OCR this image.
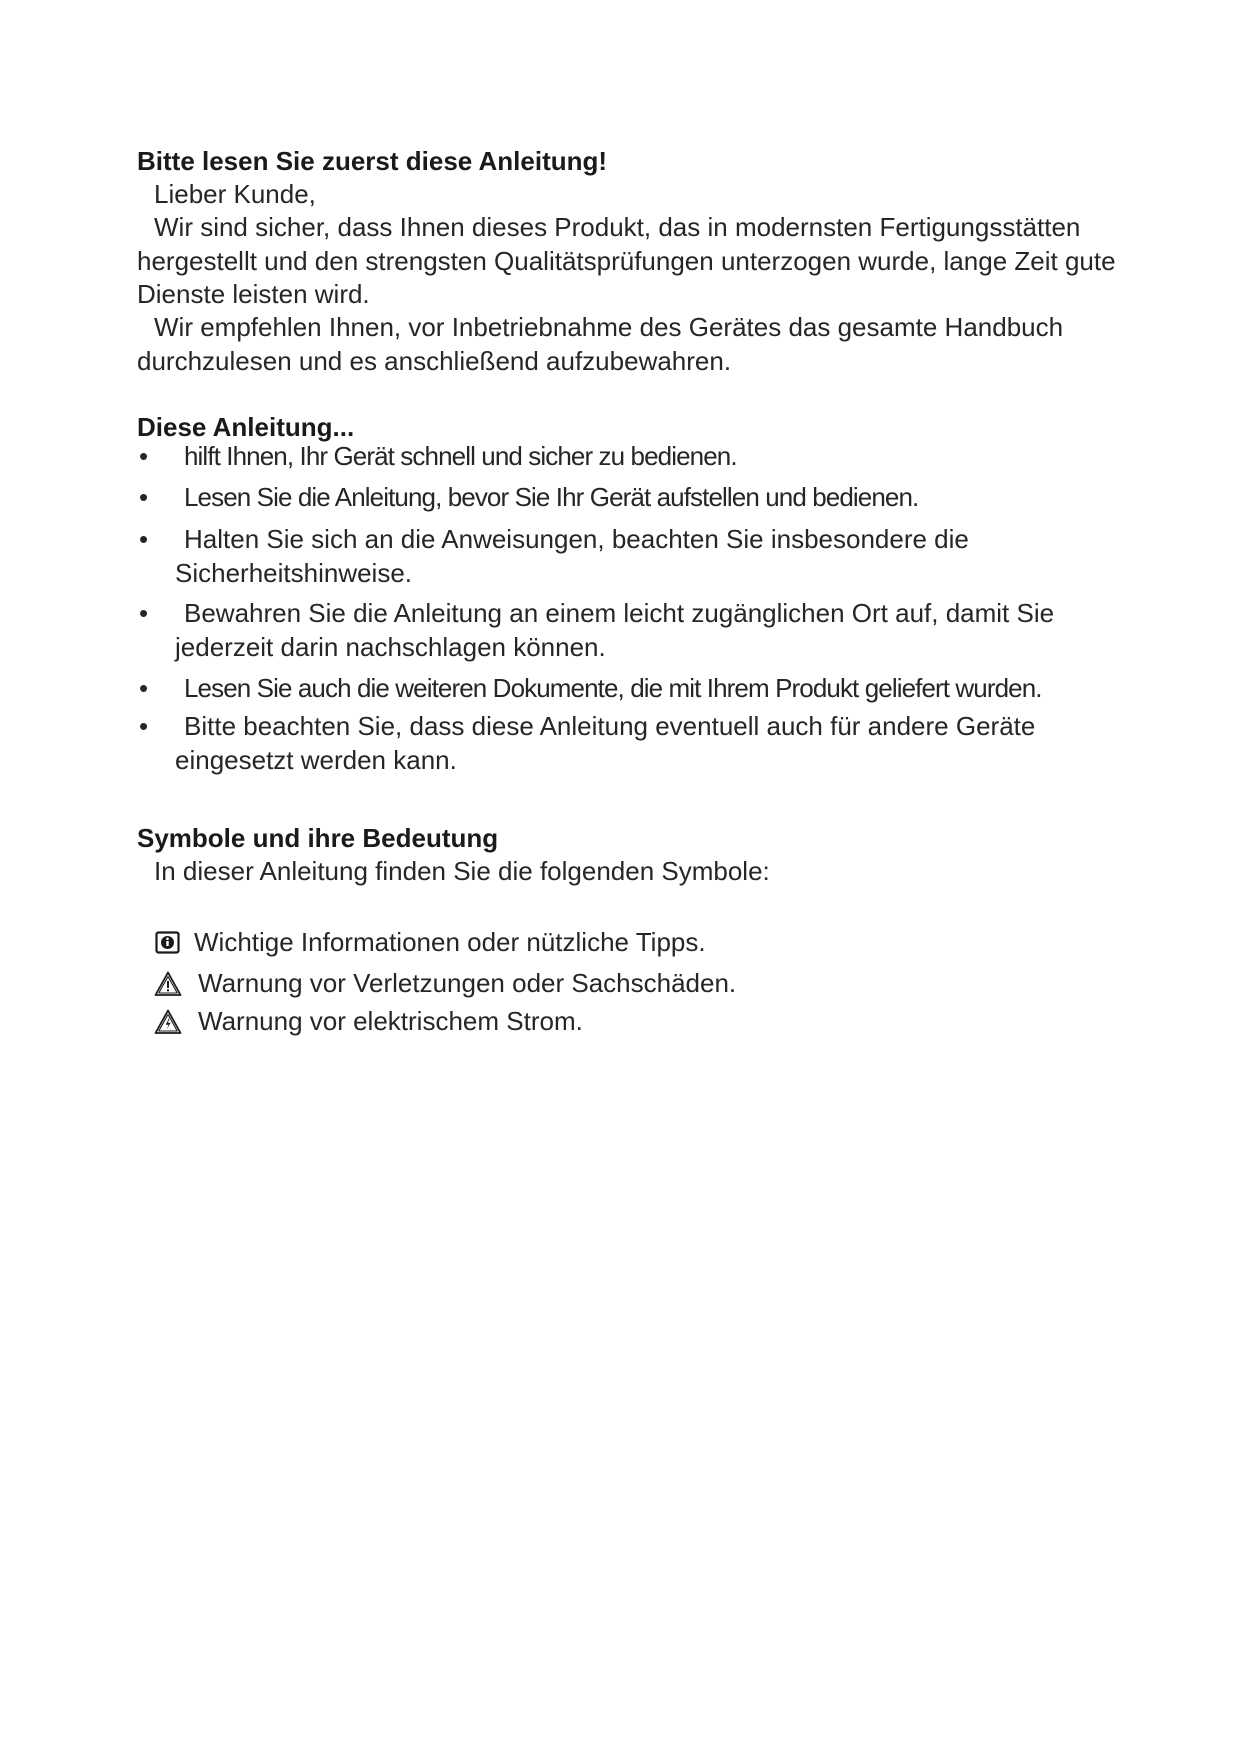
Bitte lesen Sie zuerst diese Anleitung!
Lieber Kunde,
Wir sind sicher, dass Ihnen dieses Produkt, das in modernsten Fertigungsstätten hergestellt und den strengsten Qualitätsprüfungen unterzogen wurde, lange Zeit gute Dienste leisten wird.
Wir empfehlen Ihnen, vor Inbetriebnahme des Gerätes das gesamte Handbuch durchzulesen und es anschließend aufzubewahren.
Diese Anleitung...
• hilft Ihnen, Ihr Gerät schnell und sicher zu bedienen.
• Lesen Sie die Anleitung, bevor Sie Ihr Gerät aufstellen und bedienen.
• Halten Sie sich an die Anweisungen, beachten Sie insbesondere die Sicherheitshinweise.
• Bewahren Sie die Anleitung an einem leicht zugänglichen Ort auf, damit Sie jederzeit darin nachschlagen können.
• Lesen Sie auch die weiteren Dokumente, die mit Ihrem Produkt geliefert wurden.
• Bitte beachten Sie, dass diese Anleitung eventuell auch für andere Geräte eingesetzt werden kann.
Symbole und ihre Bedeutung
In dieser Anleitung finden Sie die folgenden Symbole:
Wichtige Informationen oder nützliche Tipps.
Warnung vor Verletzungen oder Sachschäden.
Warnung vor elektrischem Strom.
